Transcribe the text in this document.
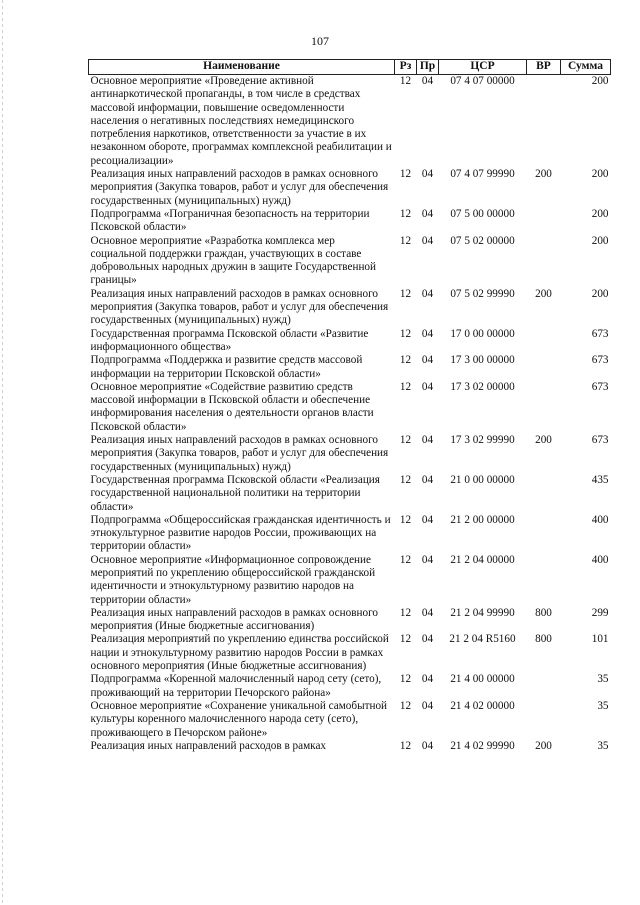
107
Наименование	Рз	Пр	ЦСР	ВР	Сумма
Основное мероприятие «Проведение активной антинаркотической пропаганды, в том числе в средствах массовой информации, повышение осведомленности населения о негативных последствиях немедицинского потребления наркотиков, ответственности за участие в их незаконном обороте, программах комплексной реабилитации и ресоциализации»	12	04	07 4 07 00000		200
Реализация иных направлений расходов в рамках основного мероприятия (Закупка товаров, работ и услуг для обеспечения государственных (муниципальных) нужд)	12	04	07 4 07 99990	200	200
Подпрограмма «Пограничная безопасность на территории Псковской области»	12	04	07 5 00 00000		200
Основное мероприятие «Разработка комплекса мер социальной поддержки граждан, участвующих в составе добровольных народных дружин в защите Государственной границы»	12	04	07 5 02 00000		200
Реализация иных направлений расходов в рамках основного мероприятия (Закупка товаров, работ и услуг для обеспечения государственных (муниципальных) нужд)	12	04	07 5 02 99990	200	200
Государственная программа Псковской области «Развитие информационного общества»	12	04	17 0 00 00000		673
Подпрограмма «Поддержка и развитие средств массовой информации на территории Псковской области»	12	04	17 3 00 00000		673
Основное мероприятие «Содействие развитию средств массовой информации в Псковской области и обеспечение информирования населения о деятельности органов власти Псковской области»	12	04	17 3 02 00000		673
Реализация иных направлений расходов в рамках основного мероприятия (Закупка товаров, работ и услуг для обеспечения государственных (муниципальных) нужд)	12	04	17 3 02 99990	200	673
Государственная программа Псковской области «Реализация государственной национальной политики на территории области»	12	04	21 0 00 00000		435
Подпрограмма «Общероссийская гражданская идентичность и этнокультурное развитие народов России, проживающих на территории области»	12	04	21 2 00 00000		400
Основное мероприятие «Информационное сопровождение мероприятий по укреплению общероссийской гражданской идентичности и этнокультурному развитию народов на территории области»	12	04	21 2 04 00000		400
Реализация иных направлений расходов в рамках основного мероприятия (Иные бюджетные ассигнования)	12	04	21 2 04 99990	800	299
Реализация мероприятий по укреплению единства российской нации и этнокультурному развитию народов России в рамках основного мероприятия (Иные бюджетные ассигнования)	12	04	21 2 04 R5160	800	101
Подпрограмма «Коренной малочисленный народ сету (сето), проживающий на территории Печорского района»	12	04	21 4 00 00000		35
Основное мероприятие «Сохранение уникальной самобытной культуры коренного малочисленного народа сету (сето), проживающего в Печорском районе»	12	04	21 4 02 00000		35
Реализация иных направлений расходов в рамках	12	04	21 4 02 99990	200	35
